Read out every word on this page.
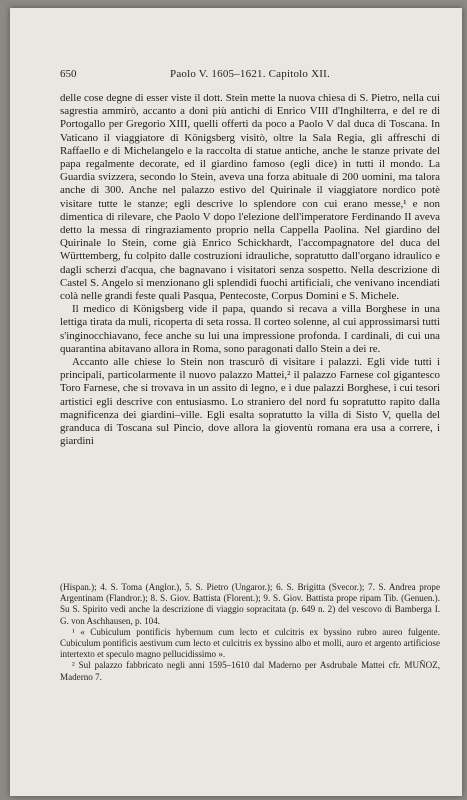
650	Paolo V. 1605–1621. Capitolo XII.

delle cose degne di esser viste il dott. Stein mette la nuova chiesa di S. Pietro, nella cui sagrestia ammirò, accanto a doni più antichi di Enrico VIII d'Inghilterra, e del re di Portogallo per Gregorio XIII, quelli offerti da poco a Paolo V dal duca di Toscana. In Vaticano il viaggiatore di Königsberg visitò, oltre la Sala Regia, gli affreschi di Raffaello e di Michelangelo e la raccolta di statue antiche, anche le stanze private del papa regalmente decorate, ed il giardino famoso (egli dice) in tutti il mondo. La Guardia svizzera, secondo lo Stein, aveva una forza abituale di 200 uomini, ma talora anche di 300. Anche nel palazzo estivo del Quirinale il viaggiatore nordico potè visitare tutte le stanze; egli descrive lo splendore con cui erano messe,¹ e non dimentica di rilevare, che Paolo V dopo l'elezione dell'imperatore Ferdinando II aveva detto la messa di ringraziamento proprio nella Cappella Paolina. Nel giardino del Quirinale lo Stein, come già Enrico Schickhardt, l'accompagnatore del duca del Württemberg, fu colpito dalle costruzioni idrauliche, sopratutto dall'organo idraulico e dagli scherzi d'acqua, che bagnavano i visitatori senza sospetto. Nella descrizione di Castel S. Angelo si menzionano gli splendidi fuochi artificiali, che venivano incendiati colà nelle grandi feste quali Pasqua, Pentecoste, Corpus Domini e S. Michele.

Il medico di Königsberg vide il papa, quando si recava a villa Borghese in una lettiga tirata da muli, ricoperta di seta rossa. Il corteo solenne, al cui approssimarsi tutti s'inginocchiavano, fece anche su lui una impressione profonda. I cardinali, di cui una quarantina abitavano allora in Roma, sono paragonati dallo Stein a dei re.

Accanto alle chiese lo Stein non trascurò di visitare i palazzi. Egli vide tutti i principali, particolarmente il nuovo palazzo Mattei,² il palazzo Farnese col gigantesco Toro Farnese, che si trovava in un assito di legno, e i due palazzi Borghese, i cui tesori artistici egli descrive con entusiasmo. Lo straniero del nord fu sopratutto rapito dalla magnificenza dei giardini–ville. Egli esalta sopratutto la villa di Sisto V, quella del granduca di Toscana sul Pincio, dove allora la gioventù romana era usa a correre, i giardini

(Hispan.); 4. S. Toma (Anglor.), 5. S. Pietro (Ungaror.); 6. S. Brigitta (Svecor.); 7. S. Andrea prope Argentinam (Flandror.); 8. S. Giov. Battista (Florent.); 9. S. Giov. Battista prope ripam Tib. (Genuen.). Su S. Spirito vedi anche la descrizione di viaggio sopracitata (p. 649 n. 2) del vescovo di Bamberga I. G. von Aschhausen, p. 104.

¹ « Cubiculum pontificis hybernum cum lecto et culcitris ex byssino rubro aureo fulgente. Cubiculum pontificis aestivum cum lecto et culcitris ex byssino albo et molli, auro et argento artificiose intertexto et speculo magno pellucidissimo ».

² Sul palazzo fabbricato negli anni 1595–1610 dal Maderno per Asdrubale Mattei cfr. MUÑOZ, Maderno 7.
